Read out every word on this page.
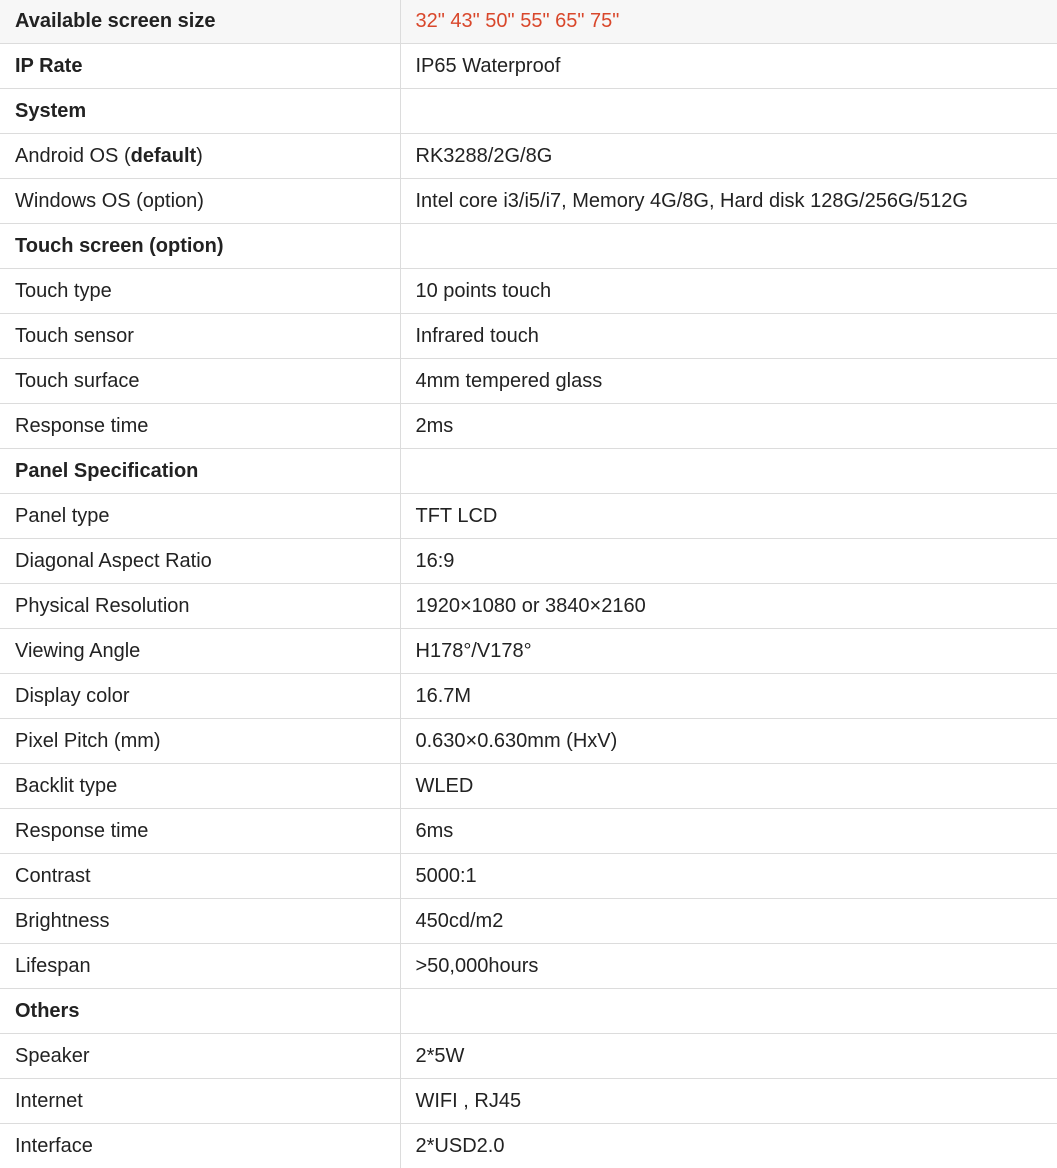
Available screen size	32" 43" 50" 55" 65" 75"
IP Rate	IP65 Waterproof
System	
Android OS (default)	RK3288/2G/8G
Windows OS (option)	Intel core i3/i5/i7, Memory 4G/8G, Hard disk 128G/256G/512G
Touch screen (option)	
Touch type	10 points touch
Touch sensor	Infrared touch
Touch surface	4mm tempered glass
Response time	2ms
Panel Specification	
Panel type	TFT LCD
Diagonal Aspect Ratio	16:9
Physical Resolution	1920×1080 or 3840×2160
Viewing Angle	H178°/V178°
Display color	16.7M
Pixel Pitch (mm)	0.630×0.630mm (HxV)
Backlit type	WLED
Response time	6ms
Contrast	5000:1
Brightness	450cd/m2
Lifespan	>50,000hours
Others	
Speaker	2*5W
Internet	WIFI , RJ45
Interface	2*USD2.0
